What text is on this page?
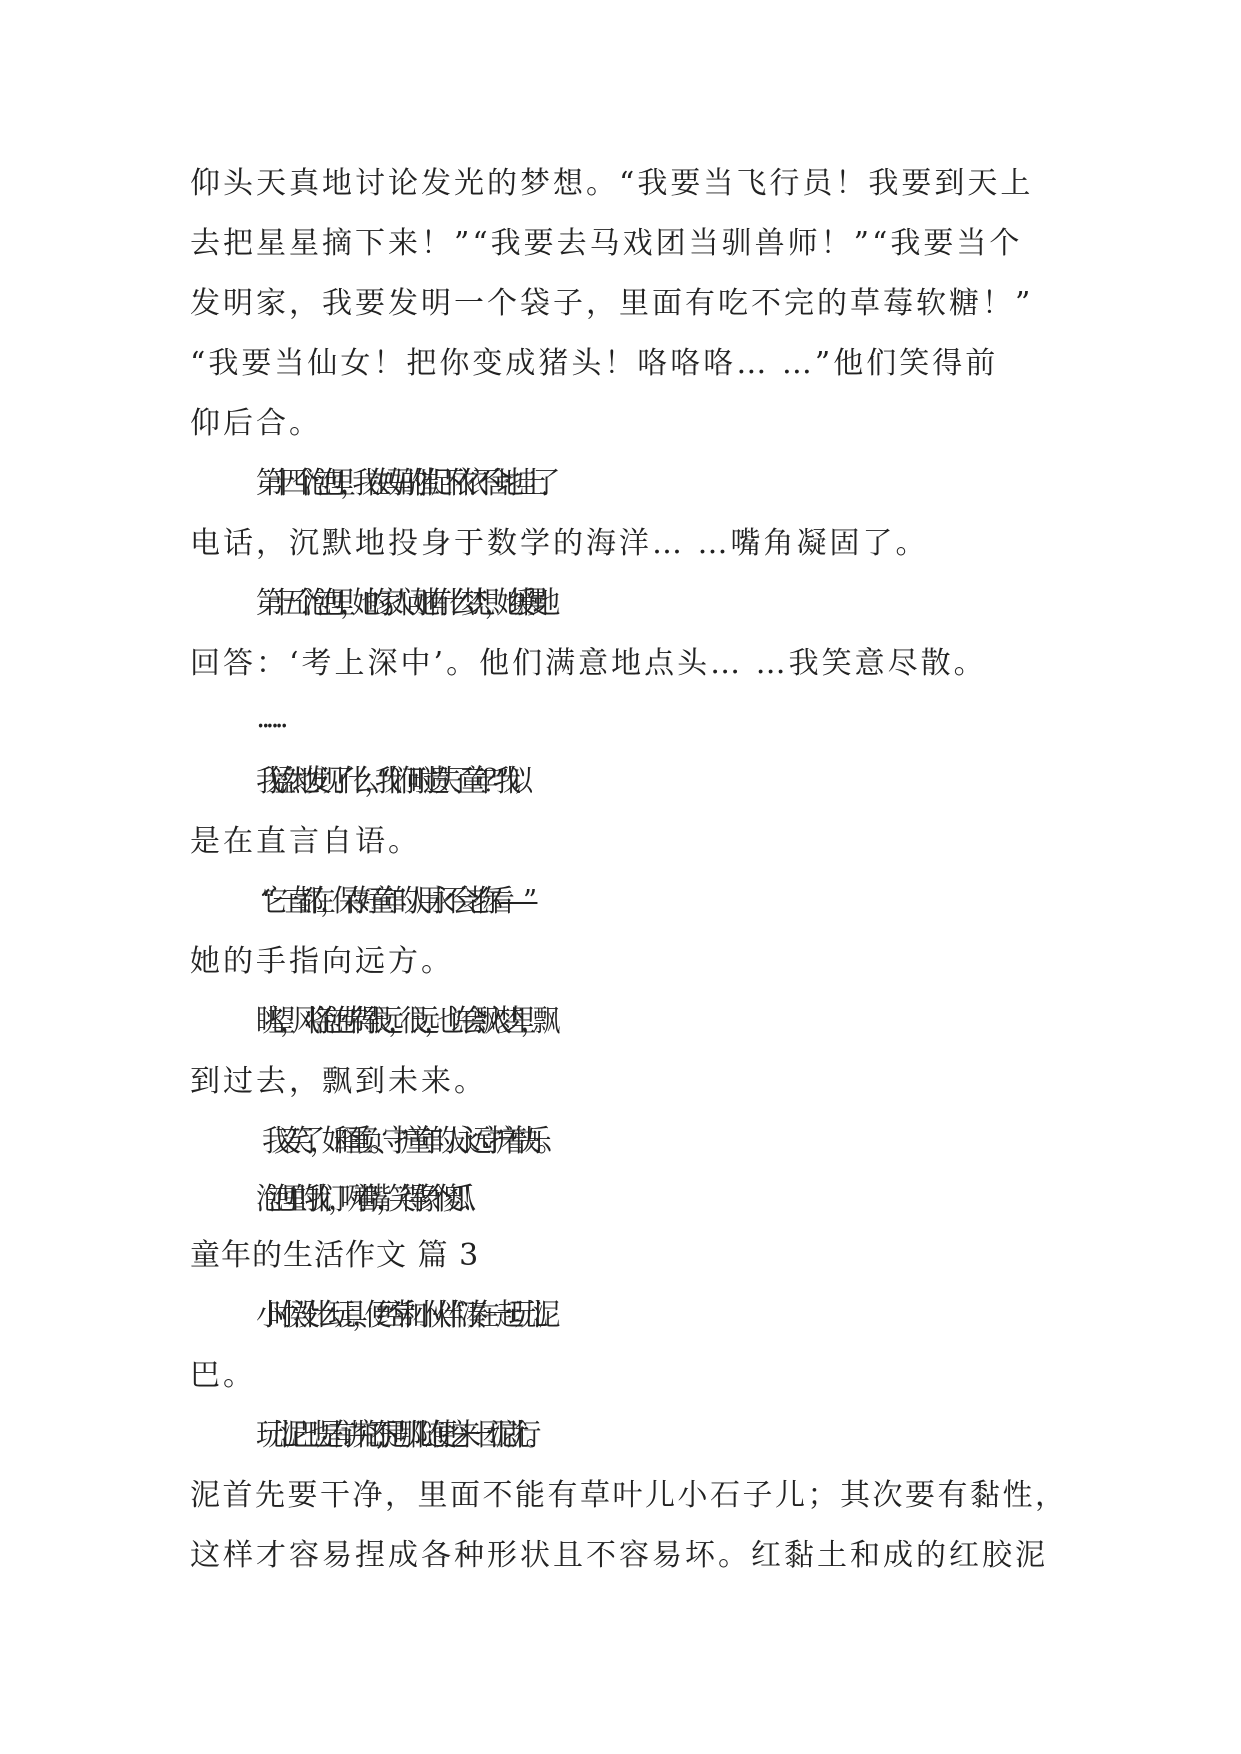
仰头天真地讨论发光的梦想。“我要当飞行员！我要到天上
去把星星摘下来！”“我要去马戏团当驯兽师！”“我要当个
发明家，我要发明一个袋子，里面有吃不完的草莓软糖！”
“我要当仙女！把你变成猪头！咯咯咯… …”他们笑得前
仰后合。
第十四个泡泡里，我在妈妈的催促下依依不舍地挂上了
电话，沉默地投身于数学的海洋… …嘴角凝固了。
第十五个泡泡里，她的家人问她有什么梦想，她缓慢地
回答：‘考上深中’。他们满意地点头… …我笑意尽散。
… …
我猛然地发现了什么，“我们何时遗失了童年？”我似
是在直言自语。
“它一直都在，保存好童年的人用永不会老你看——”
她的手指向远方。
眺望，风将泡泡带得很远，很远，也许会飘入梦里，飘
到过去，飘到未来。
我又笑了，如释重负。守护童年的人永远守护着快乐。
泡泡里的我们，咧着嘴，笑得像个傻瓜！
童年的生活作文 篇 3
小时候没什么玩具，便经常和小伙伴们凑在一起玩儿泥
巴。
玩儿泥巴也是有讲究的,不是哪儿随便挖来一团泥就行。
泥首先要干净，里面不能有草叶儿小石子儿；其次要有黏性，
这样才容易捏成各种形状且不容易坏。红黏土和成的红胶泥
